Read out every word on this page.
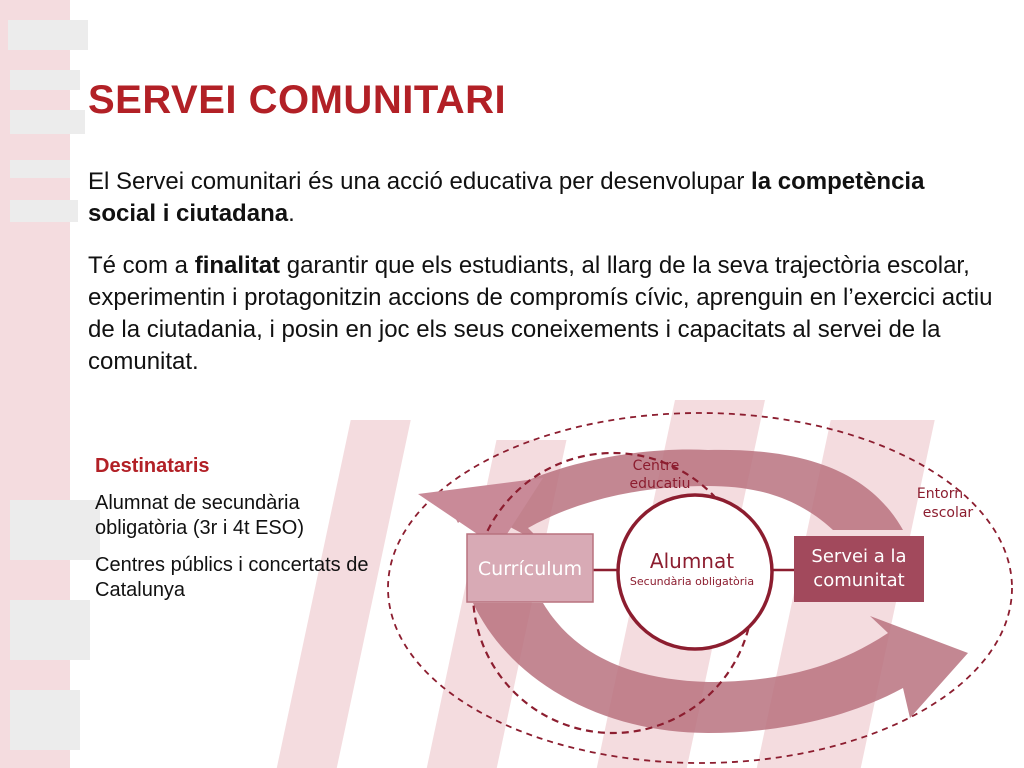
SERVEI COMUNITARI

El Servei comunitari és una acció educativa per desenvolupar la competència social i ciutadana.

Té com a finalitat garantir que els estudiants, al llarg de la seva trajectòria escolar, experimentin i protagonitzin accions de compromís cívic, aprenguin en l’exercici actiu de la ciutadania, i posin en joc els seus coneixements i capacitats al servei de la comunitat.

Destinataris

Alumnat de secundària obligatòria (3r i 4t ESO)

Centres públics i concertats de Catalunya

Currículum	Alumnat
Secundària obligatòria
Servei a la
comunitat
Centre
educatiu
Entorn
escolar
